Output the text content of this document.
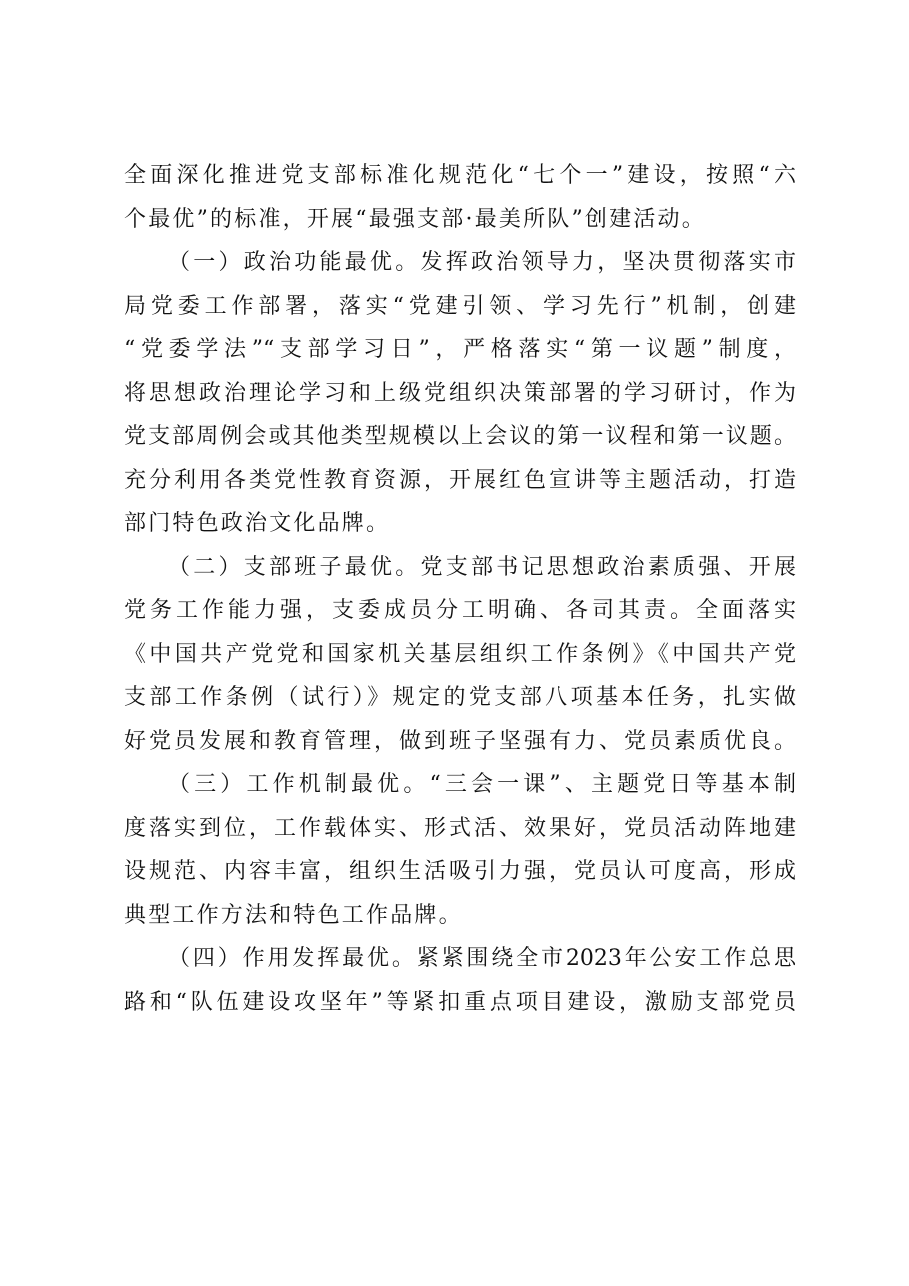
全面深化推进党支部标准化规范化“七个一”建设，按照“六
个最优”的标准，开展“最强支部·最美所队”创建活动。
（一）政治功能最优。发挥政治领导力，坚决贯彻落实市
局党委工作部署，落实“党建引领、学习先行”机制，创建
“党委学法”“支部学习日”，严格落实“第一议题”制度，
将思想政治理论学习和上级党组织决策部署的学习研讨，作为
党支部周例会或其他类型规模以上会议的第一议程和第一议题。
充分利用各类党性教育资源，开展红色宣讲等主题活动，打造
部门特色政治文化品牌。
（二）支部班子最优。党支部书记思想政治素质强、开展
党务工作能力强，支委成员分工明确、各司其责。全面落实
《中国共产党党和国家机关基层组织工作条例》《中国共产党
支部工作条例（试行）》规定的党支部八项基本任务，扎实做
好党员发展和教育管理，做到班子坚强有力、党员素质优良。
（三）工作机制最优。“三会一课”、主题党日等基本制
度落实到位，工作载体实、形式活、效果好，党员活动阵地建
设规范、内容丰富，组织生活吸引力强，党员认可度高，形成
典型工作方法和特色工作品牌。
（四）作用发挥最优。紧紧围绕全市2023年公安工作总思
路和“队伍建设攻坚年”等紧扣重点项目建设，激励支部党员
